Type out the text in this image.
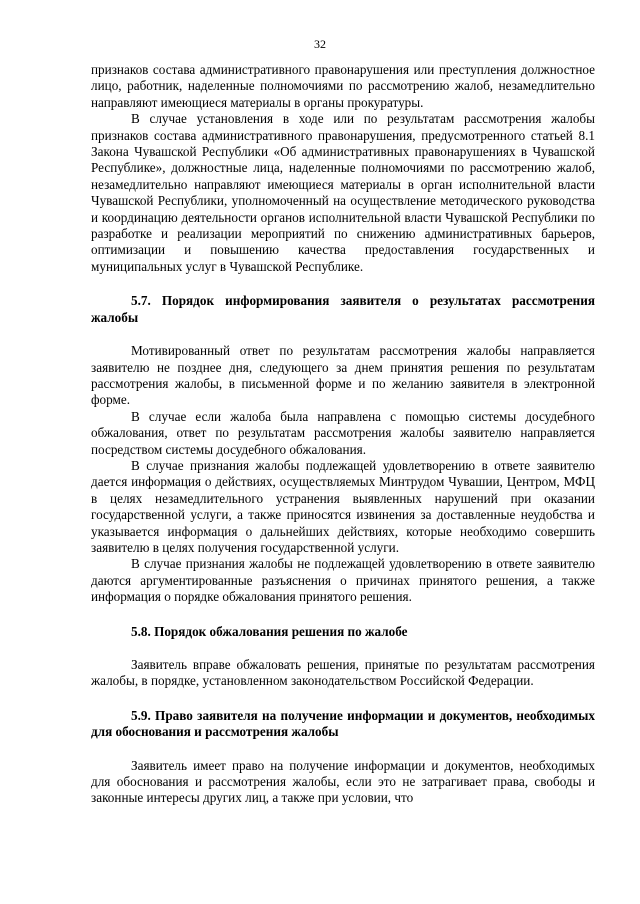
32

признаков состава административного правонарушения или преступления должностное лицо, работник, наделенные полномочиями по рассмотрению жалоб, незамедлительно направляют имеющиеся материалы в органы прокуратуры.

В случае установления в ходе или по результатам рассмотрения жалобы признаков состава административного правонарушения, предусмотренного статьей 8.1 Закона Чувашской Республики «Об административных правонарушениях в Чувашской Республике», должностные лица, наделенные полномочиями по рассмотрению жалоб, незамедлительно направляют имеющиеся материалы в орган исполнительной власти Чувашской Республики, уполномоченный на осуществление методического руководства и координацию деятельности органов исполнительной власти Чувашской Республики по разработке и реализации мероприятий по снижению административных барьеров, оптимизации и повышению качества предоставления государственных и муниципальных услуг в Чувашской Республике.

5.7. Порядок информирования заявителя о результатах рассмотрения жалобы

Мотивированный ответ по результатам рассмотрения жалобы направляется заявителю не позднее дня, следующего за днем принятия решения по результатам рассмотрения жалобы, в письменной форме и по желанию заявителя в электронной форме.

В случае если жалоба была направлена с помощью системы досудебного обжалования, ответ по результатам рассмотрения жалобы заявителю направляется посредством системы досудебного обжалования.

В случае признания жалобы подлежащей удовлетворению в ответе заявителю дается информация о действиях, осуществляемых Минтрудом Чувашии, Центром, МФЦ в целях незамедлительного устранения выявленных нарушений при оказании государственной услуги, а также приносятся извинения за доставленные неудобства и указывается информация о дальнейших действиях, которые необходимо совершить заявителю в целях получения государственной услуги.

В случае признания жалобы не подлежащей удовлетворению в ответе заявителю даются аргументированные разъяснения о причинах принятого решения, а также информация о порядке обжалования принятого решения.

5.8. Порядок обжалования решения по жалобе

Заявитель вправе обжаловать решения, принятые по результатам рассмотрения жалобы, в порядке, установленном законодательством Российской Федерации.

5.9. Право заявителя на получение информации и документов, необходимых для обоснования и рассмотрения жалобы

Заявитель имеет право на получение информации и документов, необходимых для обоснования и рассмотрения жалобы, если это не затрагивает права, свободы и законные интересы других лиц, а также при условии, что
